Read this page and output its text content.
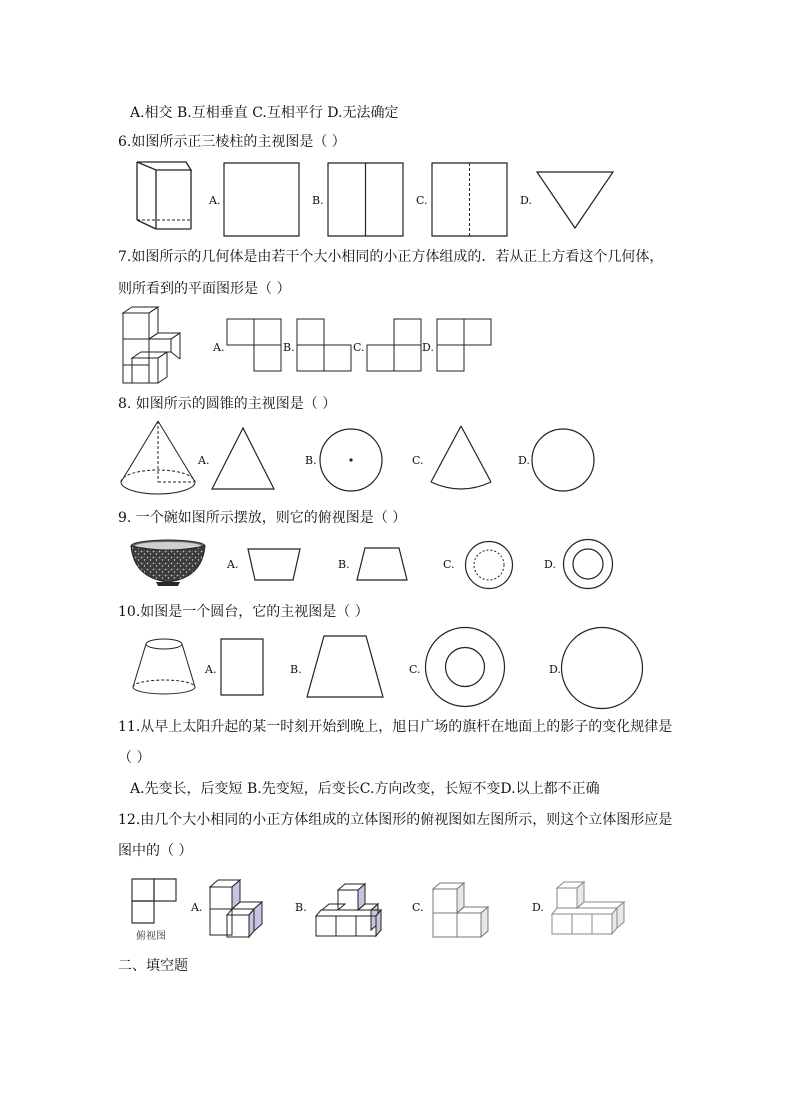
A.相交 B.互相垂直 C.互相平行 D.无法确定
6.如图所示正三棱柱的主视图是（ ）
A.	B.	C.	D.
7.如图所示的几何体是由若干个大小相同的小正方体组成的．若从正上方看这个几何体，
则所看到的平面图形是（ ）
A.	B.	C.	D.
8. 如图所示的圆锥的主视图是（ ）
A.	B.	C.	D.
9. 一个碗如图所示摆放，则它的俯视图是（ ）
A.	B.	C.	D.
10.如图是一个圆台，它的主视图是（ ）
A.	B.	C.	D.
11.从早上太阳升起的某一时刻开始到晚上，旭日广场的旗杆在地面上的影子的变化规律是
（ ）
A.先变长，后变短 B.先变短，后变长C.方向改变，长短不变D.以上都不正确
12.由几个大小相同的小正方体组成的立体图形的俯视图如左图所示，则这个立体图形应是
图中的（ ）
俯视图
A.	B.	C.	D.
二、填空题
